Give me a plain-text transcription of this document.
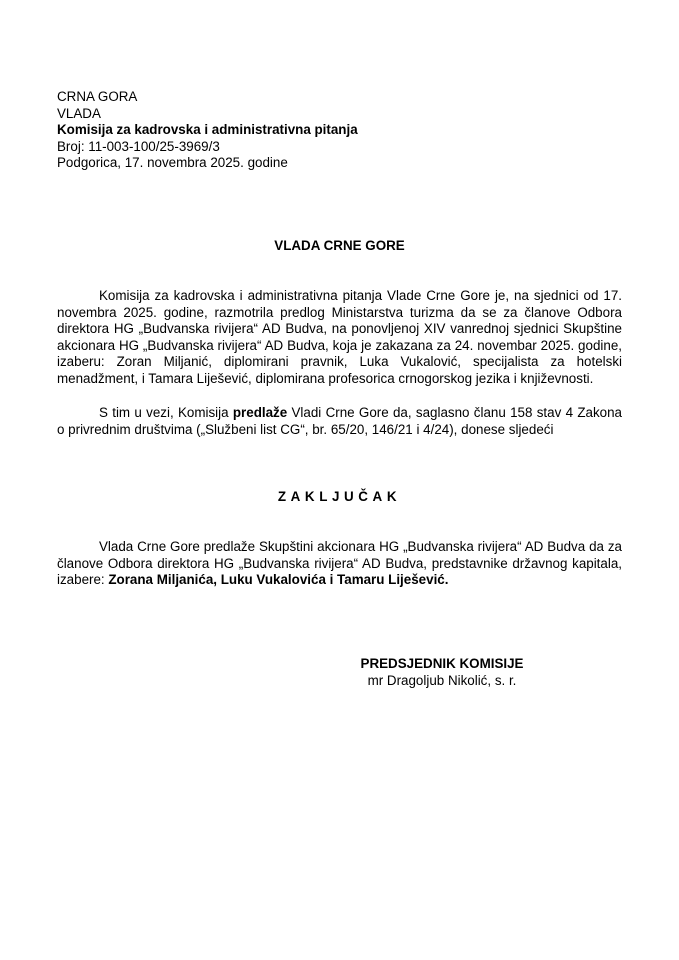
CRNA GORA
VLADA
Komisija za kadrovska i administrativna pitanja
Broj: 11-003-100/25-3969/3
Podgorica, 17. novembra 2025. godine
VLADA CRNE GORE
Komisija za kadrovska i administrativna pitanja Vlade Crne Gore je, na sjednici od 17. novembra 2025. godine, razmotrila predlog Ministarstva turizma da se za članove Odbora direktora HG „Budvanska rivijera“ AD Budva, na ponovljenoj XIV vanrednoj sjednici Skupštine akcionara HG „Budvanska rivijera“ AD Budva, koja je zakazana za 24. novembar 2025. godine, izaberu: Zoran Miljanić, diplomirani pravnik, Luka Vukalović, specijalista za hotelski menadžment, i Tamara Liješević, diplomirana profesorica crnogorskog jezika i književnosti.
S tim u vezi, Komisija predlaže Vladi Crne Gore da, saglasno članu 158 stav 4 Zakona o privrednim društvima („Službeni list CG“, br. 65/20, 146/21 i 4/24), donese sljedeći
ZAKLJUČAK
Vlada Crne Gore predlaže Skupštini akcionara HG „Budvanska rivijera“ AD Budva da za članove Odbora direktora HG „Budvanska rivijera“ AD Budva, predstavnike državnog kapitala, izabere: Zorana Miljanića, Luku Vukalovića i Tamaru Liješević.
PREDSJEDNIK KOMISIJE
mr Dragoljub Nikolić, s. r.
